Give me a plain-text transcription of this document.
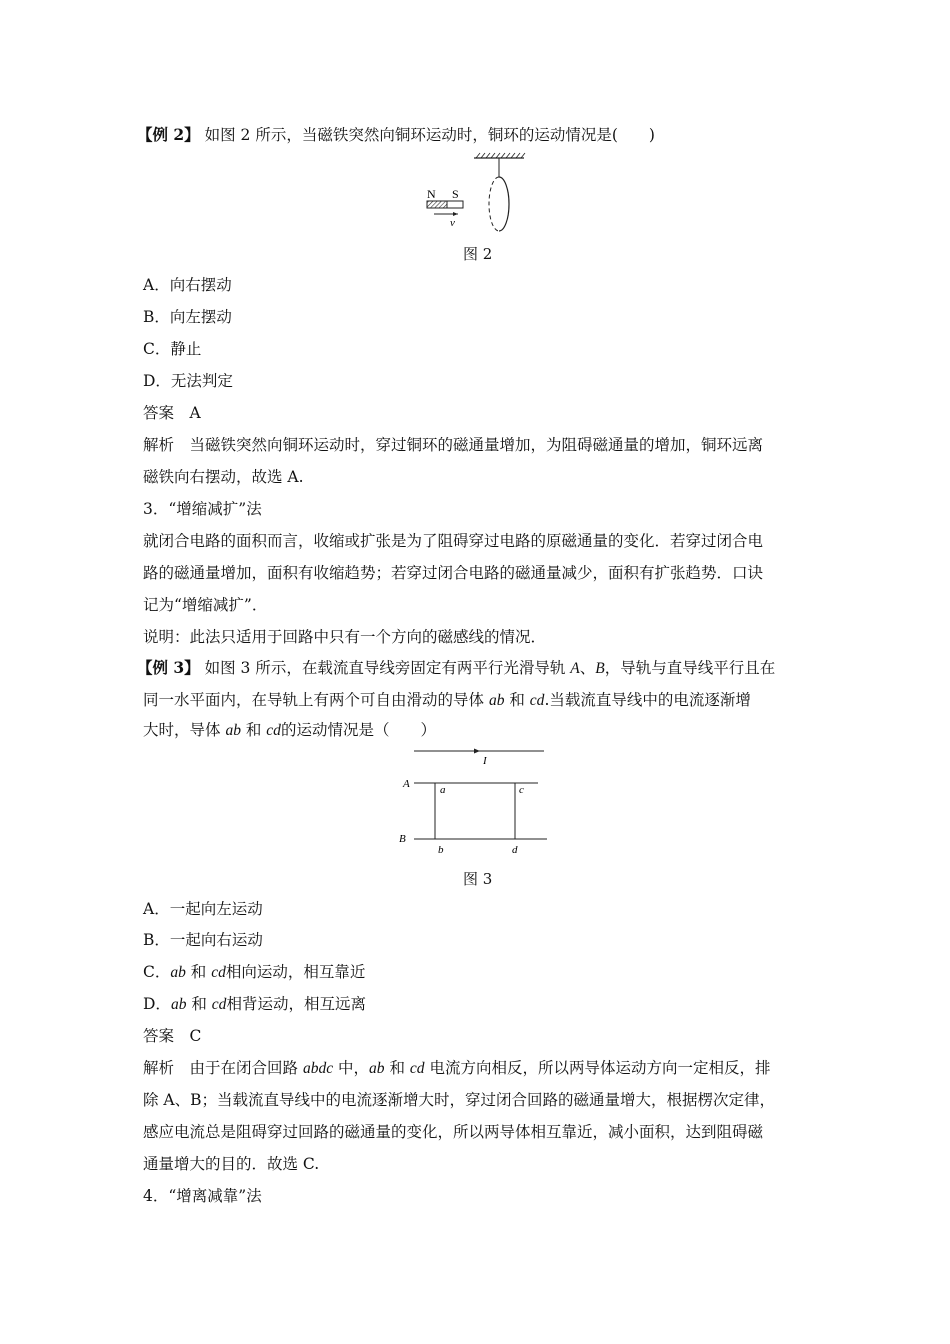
【例 2】 如图 2 所示，当磁铁突然向铜环运动时，铜环的运动情况是(　　)
N S
v
图 2
A．向右摆动
B．向左摆动
C．静止
D．无法判定
答案　A
解析　当磁铁突然向铜环运动时，穿过铜环的磁通量增加，为阻碍磁通量的增加，铜环远离
磁铁向右摆动，故选 A.
3．“增缩减扩”法
就闭合电路的面积而言，收缩或扩张是为了阻碍穿过电路的原磁通量的变化．若穿过闭合电
路的磁通量增加，面积有收缩趋势；若穿过闭合电路的磁通量减少，面积有扩张趋势．口诀
记为“增缩减扩”．
说明：此法只适用于回路中只有一个方向的磁感线的情况．
【例 3】 如图 3 所示，在载流直导线旁固定有两平行光滑导轨 A、B，导轨与直导线平行且在
同一水平面内，在导轨上有两个可自由滑动的导体 ab 和 cd.当载流直导线中的电流逐渐增
大时，导体 ab 和 cd的运动情况是（　　）
I
A
B
a	c
b	d
图 3
A．一起向左运动
B．一起向右运动
C．ab 和 cd相向运动，相互靠近
D．ab 和 cd相背运动，相互远离
答案　C
解析　由于在闭合回路 abdc 中，ab 和 cd 电流方向相反，所以两导体运动方向一定相反，排
除 A、B；当载流直导线中的电流逐渐增大时，穿过闭合回路的磁通量增大，根据楞次定律，
感应电流总是阻碍穿过回路的磁通量的变化，所以两导体相互靠近，减小面积，达到阻碍磁
通量增大的目的．故选 C.
4．“增离减靠”法
